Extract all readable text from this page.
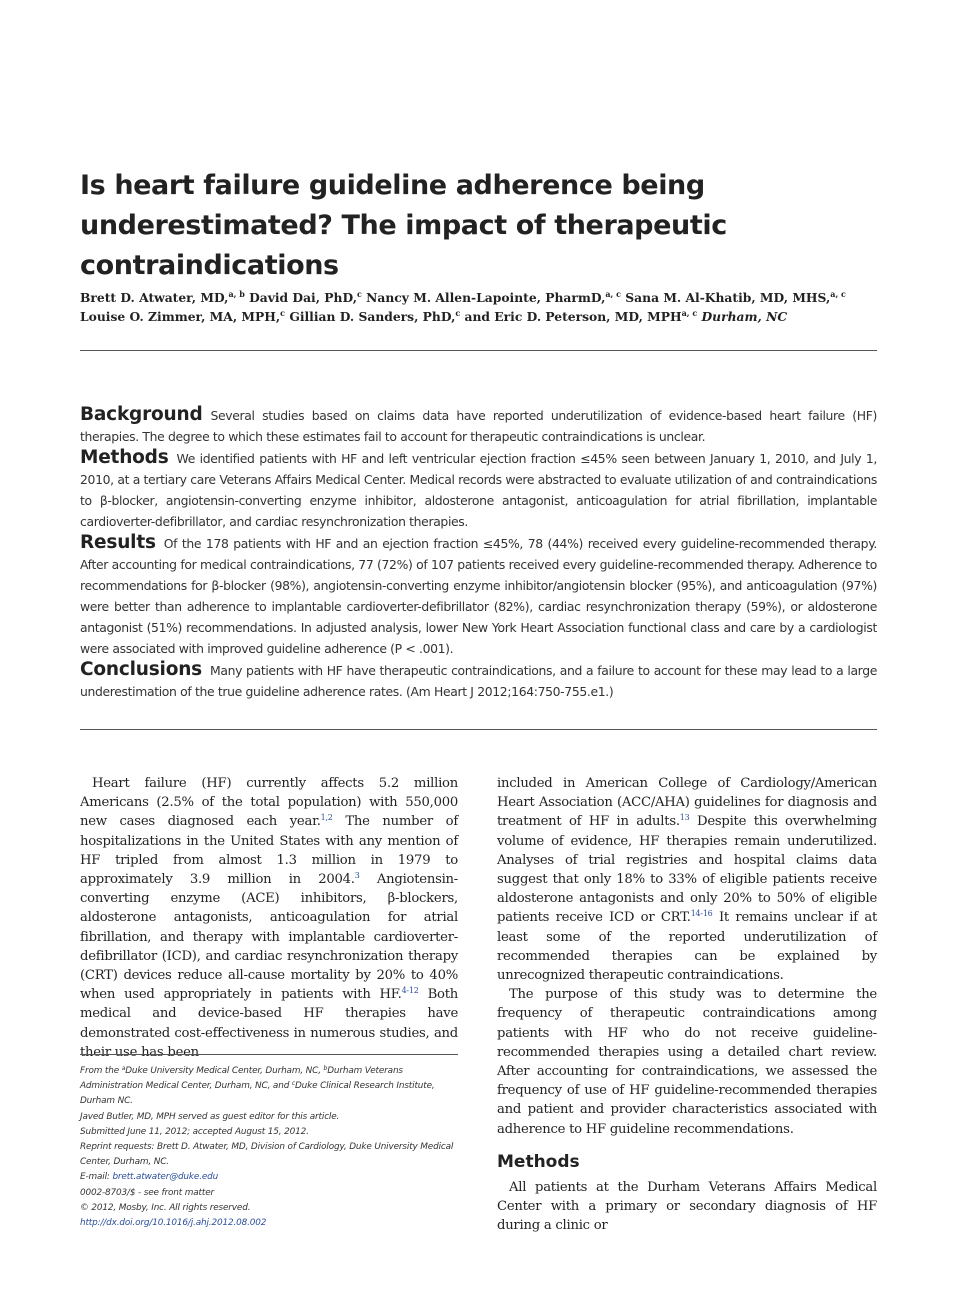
Is heart failure guideline adherence being underestimated? The impact of therapeutic contraindications
Brett D. Atwater, MD,$^{a, b}$ David Dai, PhD,$^c$ Nancy M. Allen-Lapointe, PharmD,$^{a, c}$ Sana M. Al-Khatib, MD, MHS,$^{a, c}$ Louise O. Zimmer, MA, MPH,$^c$ Gillian D. Sanders, PhD,$^c$ and Eric D. Peterson, MD, MPH$^{a, c}$ Durham, NC

Background Several studies based on claims data have reported underutilization of evidence-based heart failure (HF) therapies. The degree to which these estimates fail to account for therapeutic contraindications is unclear.

Methods We identified patients with HF and left ventricular ejection fraction ≤45% seen between January 1, 2010, and July 1, 2010, at a tertiary care Veterans Affairs Medical Center. Medical records were abstracted to evaluate utilization of and contraindications to β-blocker, angiotensin-converting enzyme inhibitor, aldosterone antagonist, anticoagulation for atrial fibrillation, implantable cardioverter-defibrillator, and cardiac resynchronization therapies.

Results Of the 178 patients with HF and an ejection fraction ≤45%, 78 (44%) received every guideline-recommended therapy. After accounting for medical contraindications, 77 (72%) of 107 patients received every guideline-recommended therapy. Adherence to recommendations for β-blocker (98%), angiotensin-converting enzyme inhibitor/angiotensin blocker (95%), and anticoagulation (97%) were better than adherence to implantable cardioverter-defibrillator (82%), cardiac resynchronization therapy (59%), or aldosterone antagonist (51%) recommendations. In adjusted analysis, lower New York Heart Association functional class and care by a cardiologist were associated with improved guideline adherence (P < .001).

Conclusions Many patients with HF have therapeutic contraindications, and a failure to account for these may lead to a large underestimation of the true guideline adherence rates. (Am Heart J 2012;164:750-755.e1.)

Heart failure (HF) currently affects 5.2 million Americans (2.5% of the total population) with 550,000 new cases diagnosed each year.$^{1,2}$ The number of hospitalizations in the United States with any mention of HF tripled from almost 1.3 million in 1979 to approximately 3.9 million in 2004.$^3$ Angiotensin-converting enzyme (ACE) inhibitors, β-blockers, aldosterone antagonists, anticoagulation for atrial fibrillation, and therapy with implantable cardioverter-defibrillator (ICD), and cardiac resynchronization therapy (CRT) devices reduce all-cause mortality by 20% to 40% when used appropriately in patients with HF.$^{4-12}$ Both medical and device-based HF therapies have demonstrated cost-effectiveness in numerous studies, and their use has been

From the $^a$Duke University Medical Center, Durham, NC, $^b$Durham Veterans Administration Medical Center, Durham, NC, and $^c$Duke Clinical Research Institute, Durham NC.
Javed Butler, MD, MPH served as guest editor for this article.
Submitted June 11, 2012; accepted August 15, 2012.
Reprint requests: Brett D. Atwater, MD, Division of Cardiology, Duke University Medical Center, Durham, NC.
E-mail: brett.atwater@duke.edu
0002-8703/$ - see front matter
© 2012, Mosby, Inc. All rights reserved.
http://dx.doi.org/10.1016/j.ahj.2012.08.002

included in American College of Cardiology/American Heart Association (ACC/AHA) guidelines for diagnosis and treatment of HF in adults.$^{13}$ Despite this overwhelming volume of evidence, HF therapies remain underutilized. Analyses of trial registries and hospital claims data suggest that only 18% to 33% of eligible patients receive aldosterone antagonists and only 20% to 50% of eligible patients receive ICD or CRT.$^{14-16}$ It remains unclear if at least some of the reported underutilization of recommended therapies can be explained by unrecognized therapeutic contraindications.

The purpose of this study was to determine the frequency of therapeutic contraindications among patients with HF who do not receive guideline-recommended therapies using a detailed chart review. After accounting for contraindications, we assessed the frequency of use of HF guideline-recommended therapies and patient and provider characteristics associated with adherence to HF guideline recommendations.

Methods

All patients at the Durham Veterans Affairs Medical Center with a primary or secondary diagnosis of HF during a clinic or
